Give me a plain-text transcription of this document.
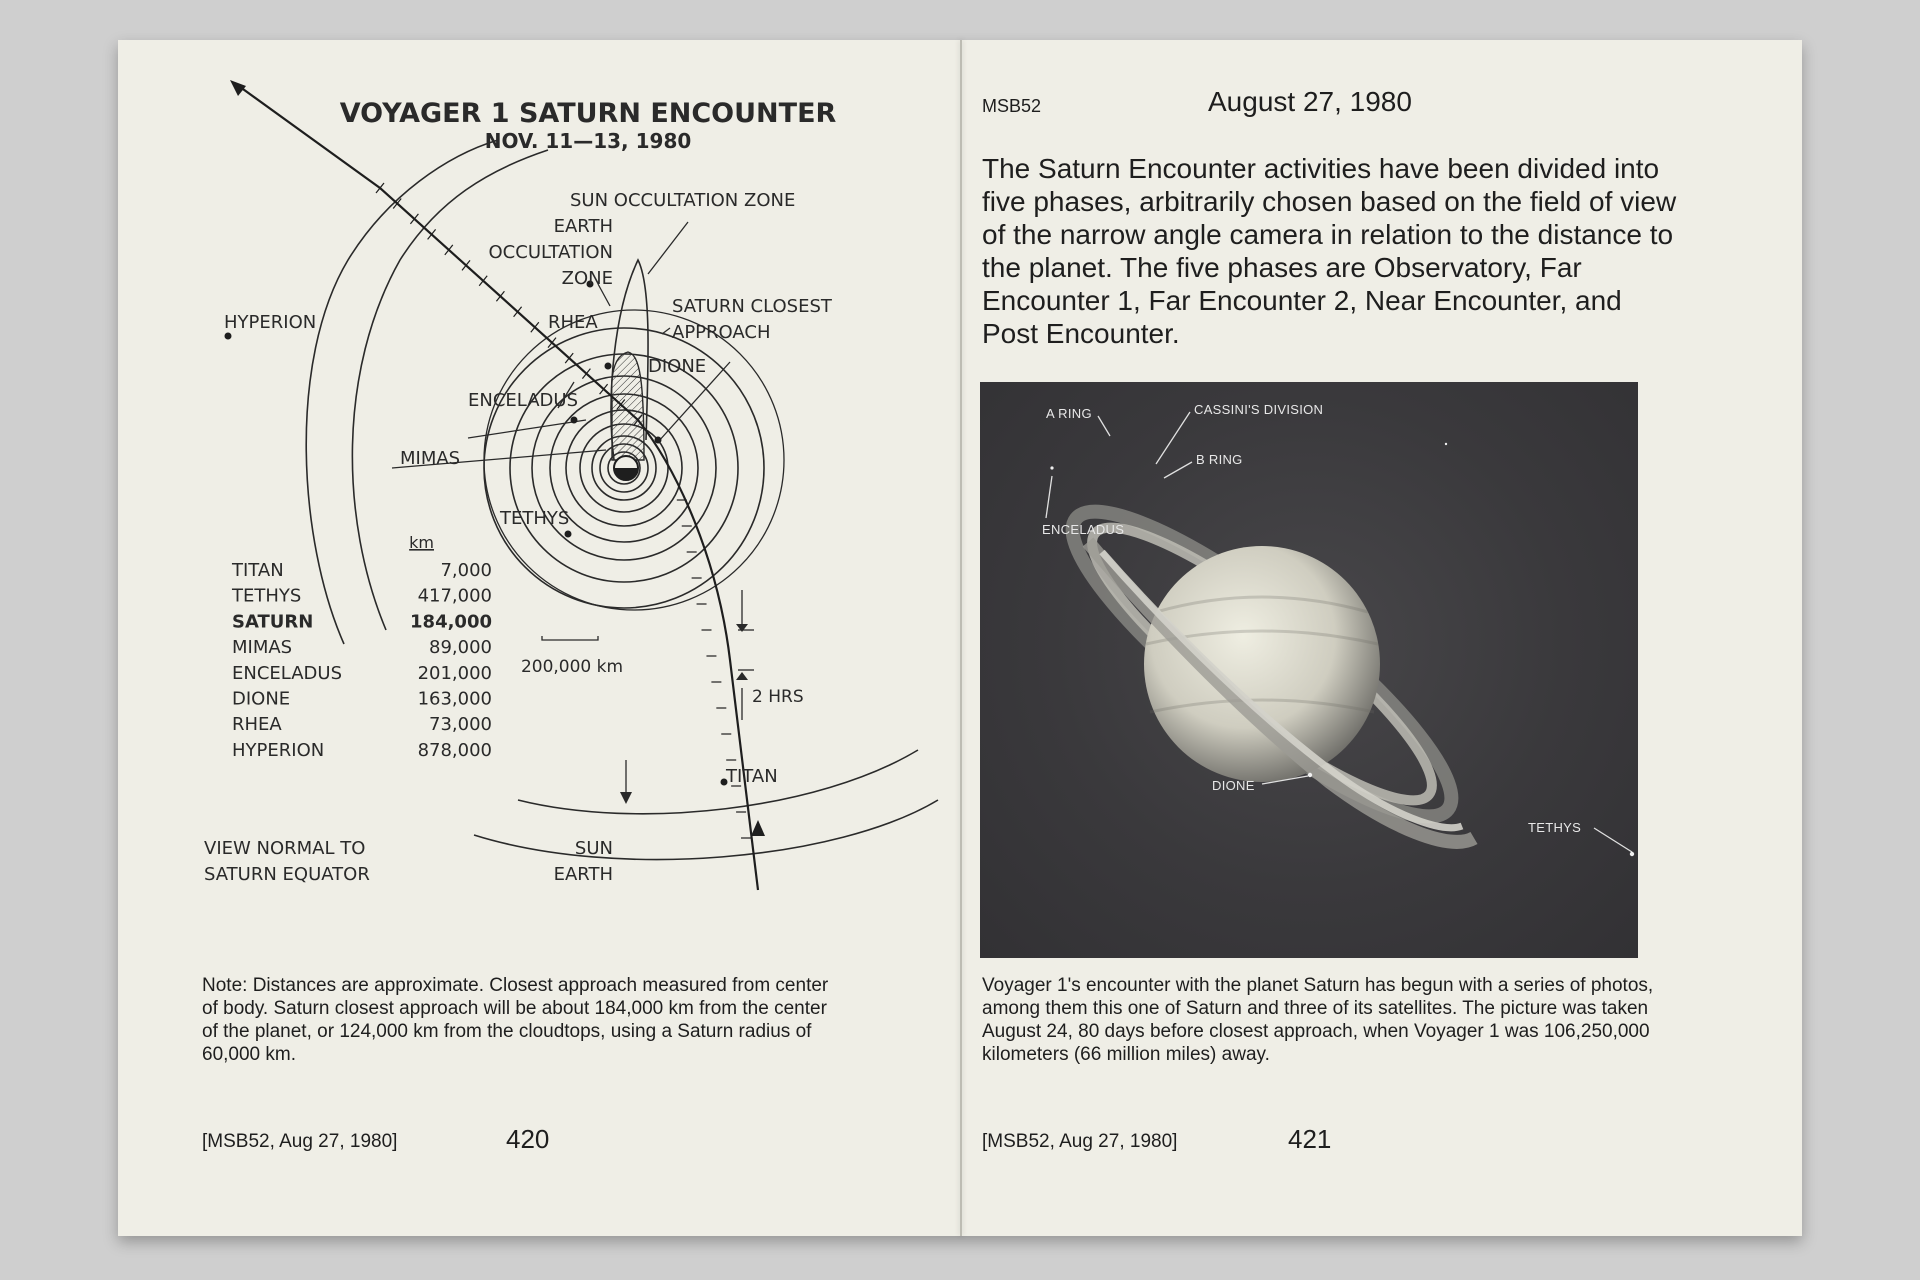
VOYAGER 1 SATURN ENCOUNTER
NOV. 11—13, 1980
SUN OCCULTATION ZONE
EARTH
OCCULTATION
ZONE
SATURN CLOSEST
APPROACH
HYPERION	RHEA
DIONE
ENCELADUS
MIMAS
TETHYS
TITAN
200,000 km
2 HRS
VIEW NORMAL TO
SATURN EQUATOR
SUN
EARTH
km
TITAN	7,000
TETHYS	417,000
SATURN	184,000
MIMAS	89,000
ENCELADUS	201,000
DIONE	163,000
RHEA	73,000
HYPERION	878,000

Note: Distances are approximate. Closest approach measured from center of body. Saturn closest approach will be about 184,000 km from the center of the planet, or 124,000 km from the cloudtops, using a Saturn radius of 60,000 km.

[MSB52, Aug 27, 1980]	420
MSB52	August 27, 1980

The Saturn Encounter activities have been divided into five phases, arbitrarily chosen based on the field of view of the narrow angle camera in relation to the distance to the planet. The five phases are Observatory, Far Encounter 1, Far Encounter 2, Near Encounter, and Post Encounter.

A RING	CASSINI'S DIVISION
B RING
ENCELADUS
DIONE
TETHYS

Voyager 1's encounter with the planet Saturn has begun with a series of photos, among them this one of Saturn and three of its satellites. The picture was taken August 24, 80 days before closest approach, when Voyager 1 was 106,250,000 kilometers (66 million miles) away.

[MSB52, Aug 27, 1980]	421
